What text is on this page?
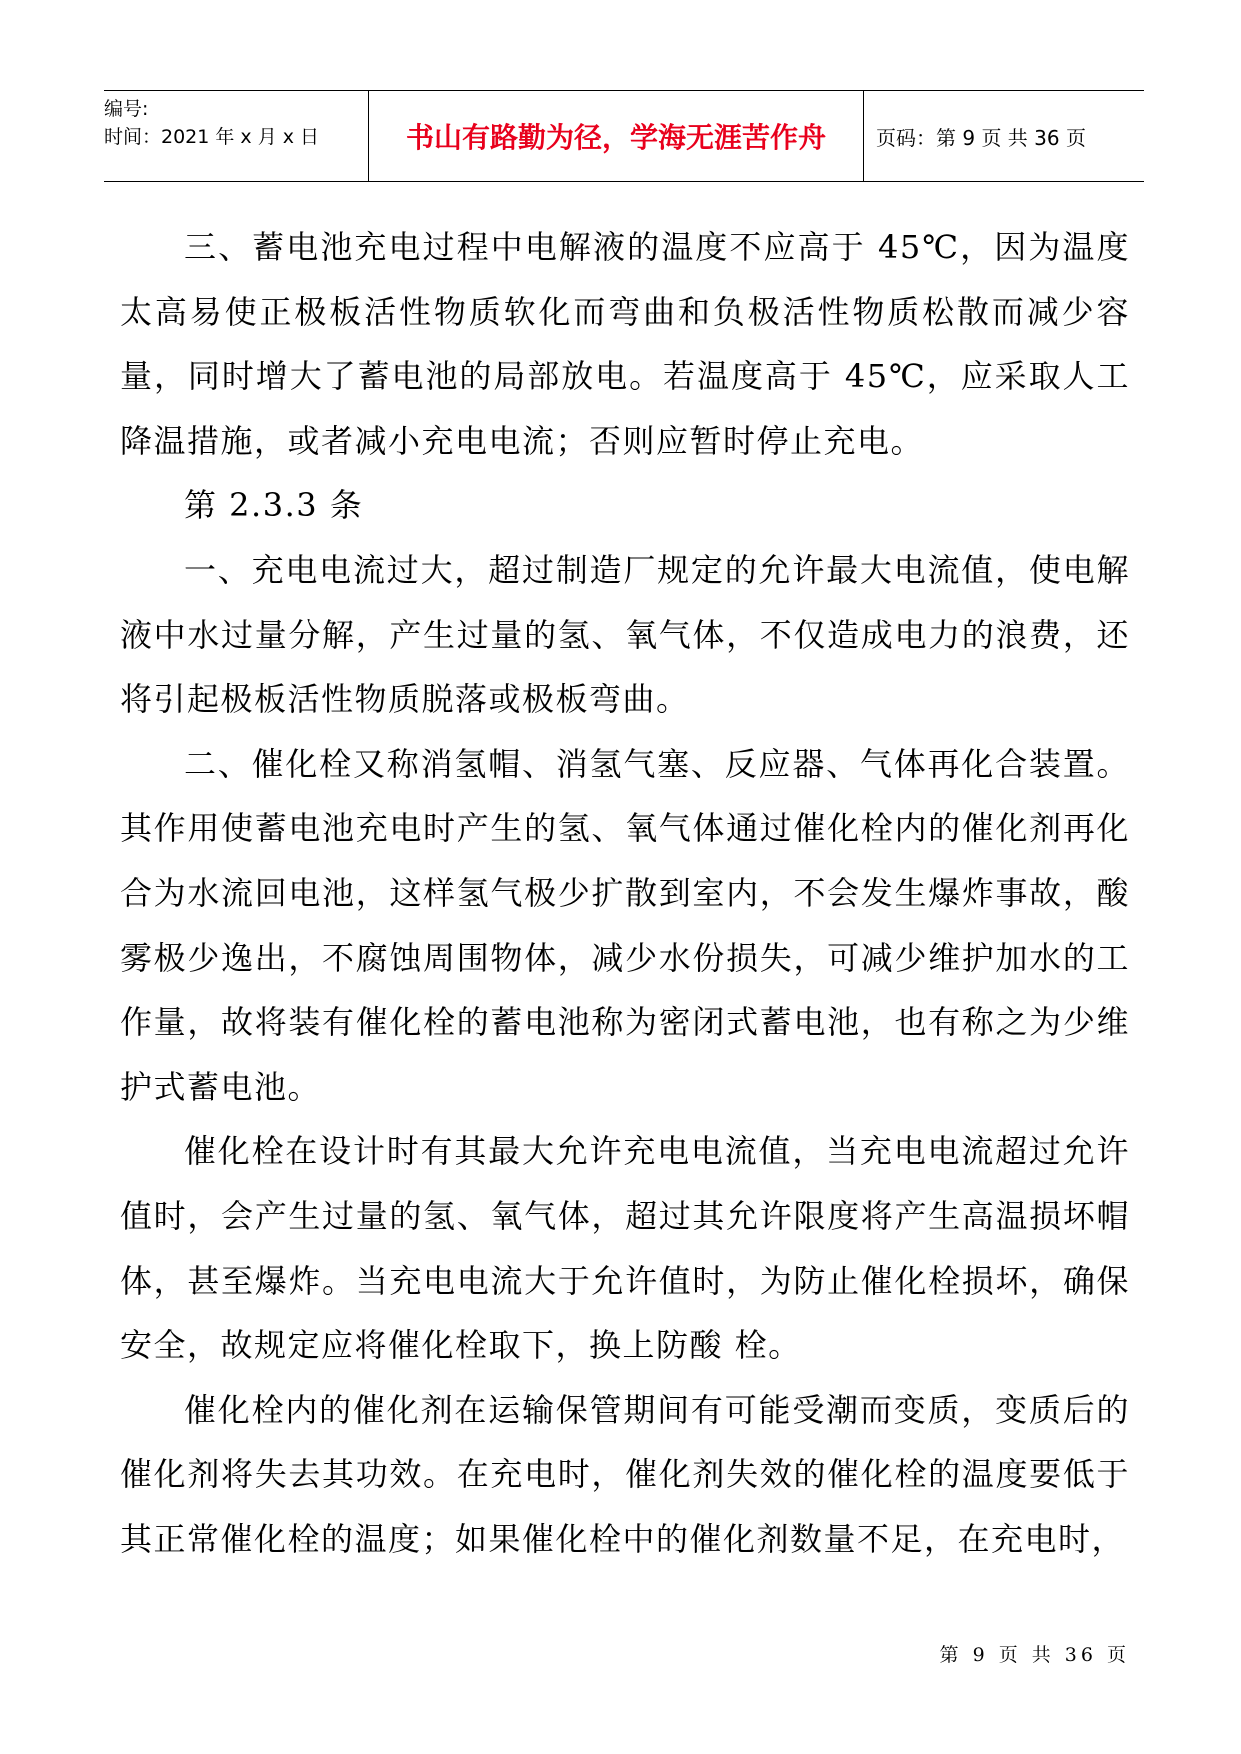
编号:
时间：2021 年 x 月 x 日	书山有路勤为径，学海无涯苦作舟	页码：第 9 页 共 36 页

三、蓄电池充电过程中电解液的温度不应高于 45℃，因为温度太高易使正极板活性物质软化而弯曲和负极活性物质松散而减少容量，同时增大了蓄电池的局部放电。若温度高于 45℃，应采取人工降温措施，或者减小充电电流；否则应暂时停止充电。

第 2.3.3 条

一、充电电流过大，超过制造厂规定的允许最大电流值，使电解液中水过量分解，产生过量的氢、氧气体，不仅造成电力的浪费，还将引起极板活性物质脱落或极板弯曲。

二、催化栓又称消氢帽、消氢气塞、反应器、气体再化合装置。其作用使蓄电池充电时产生的氢、氧气体通过催化栓内的催化剂再化合为水流回电池，这样氢气极少扩散到室内，不会发生爆炸事故，酸雾极少逸出，不腐蚀周围物体，减少水份损失，可减少维护加水的工作量，故将装有催化栓的蓄电池称为密闭式蓄电池，也有称之为少维护式蓄电池。

催化栓在设计时有其最大允许充电电流值，当充电电流超过允许值时，会产生过量的氢、氧气体，超过其允许限度将产生高温损坏帽体，甚至爆炸。当充电电流大于允许值时，为防止催化栓损坏，确保安全，故规定应将催化栓取下，换上防酸 栓。

催化栓内的催化剂在运输保管期间有可能受潮而变质，变质后的催化剂将失去其功效。在充电时，催化剂失效的催化栓的温度要低于其正常催化栓的温度；如果催化栓中的催化剂数量不足，在充电时，

第 9 页 共 36 页
